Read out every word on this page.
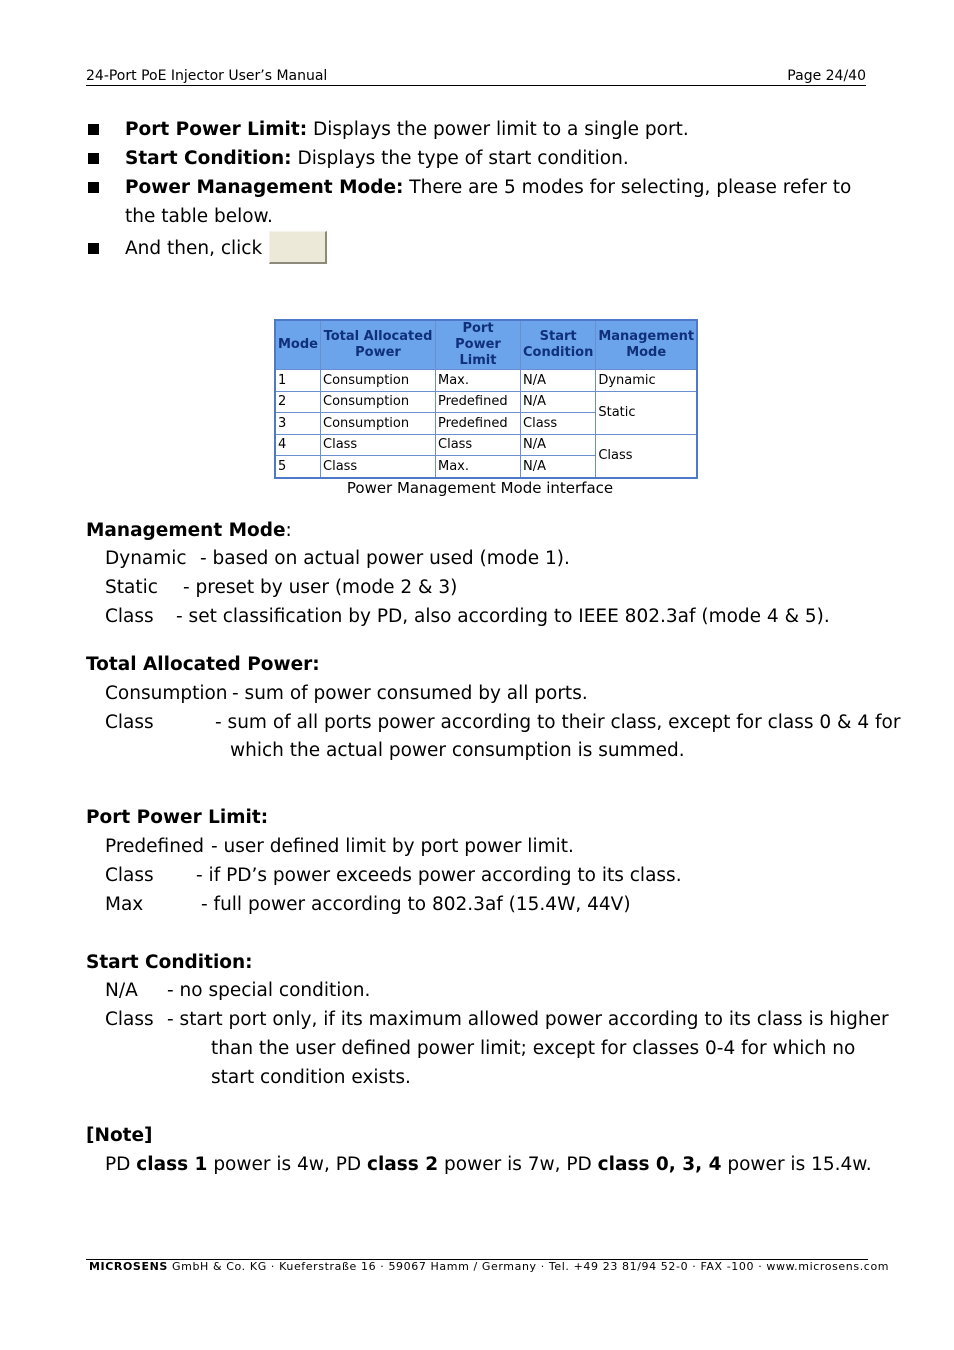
24-Port PoE Injector User’s Manual	Page 24/40
Port Power Limit: Displays the power limit to a single port.
Start Condition: Displays the type of start condition.
Power Management Mode: There are 5 modes for selecting, please refer to the table below.
And then, click
Mode	Total Allocated Power	Port Power Limit	Start Condition	Management Mode
1	Consumption	Max.	N/A	Dynamic
2	Consumption	Predefined	N/A	Static
3	Consumption	Predefined	Class	
4	Class	Class	N/A	Class
5	Class	Max.	N/A	
Power Management Mode interface
Management Mode:
Dynamic - based on actual power used (mode 1).
Static - preset by user (mode 2 & 3)
Class - set classification by PD, also according to IEEE 802.3af (mode 4 & 5).
Total Allocated Power:
Consumption - sum of power consumed by all ports.
Class	- sum of all ports power according to their class, except for class 0 & 4 for
which the actual power consumption is summed.
Port Power Limit:
Predefined - user defined limit by port power limit.
Class - if PD’s power exceeds power according to its class.
Max	- full power according to 802.3af (15.4W, 44V)
Start Condition:
N/A - no special condition.
Class - start port only, if its maximum allowed power according to its class is higher
than the user defined power limit; except for classes 0-4 for which no
start condition exists.
[Note]
PD class 1 power is 4w, PD class 2 power is 7w, PD class 0, 3, 4 power is 15.4w.
MICROSENS GmbH & Co. KG · Kueferstraße 16 · 59067 Hamm / Germany · Tel. +49 23 81/94 52-0 · FAX -100 · www.microsens.com
